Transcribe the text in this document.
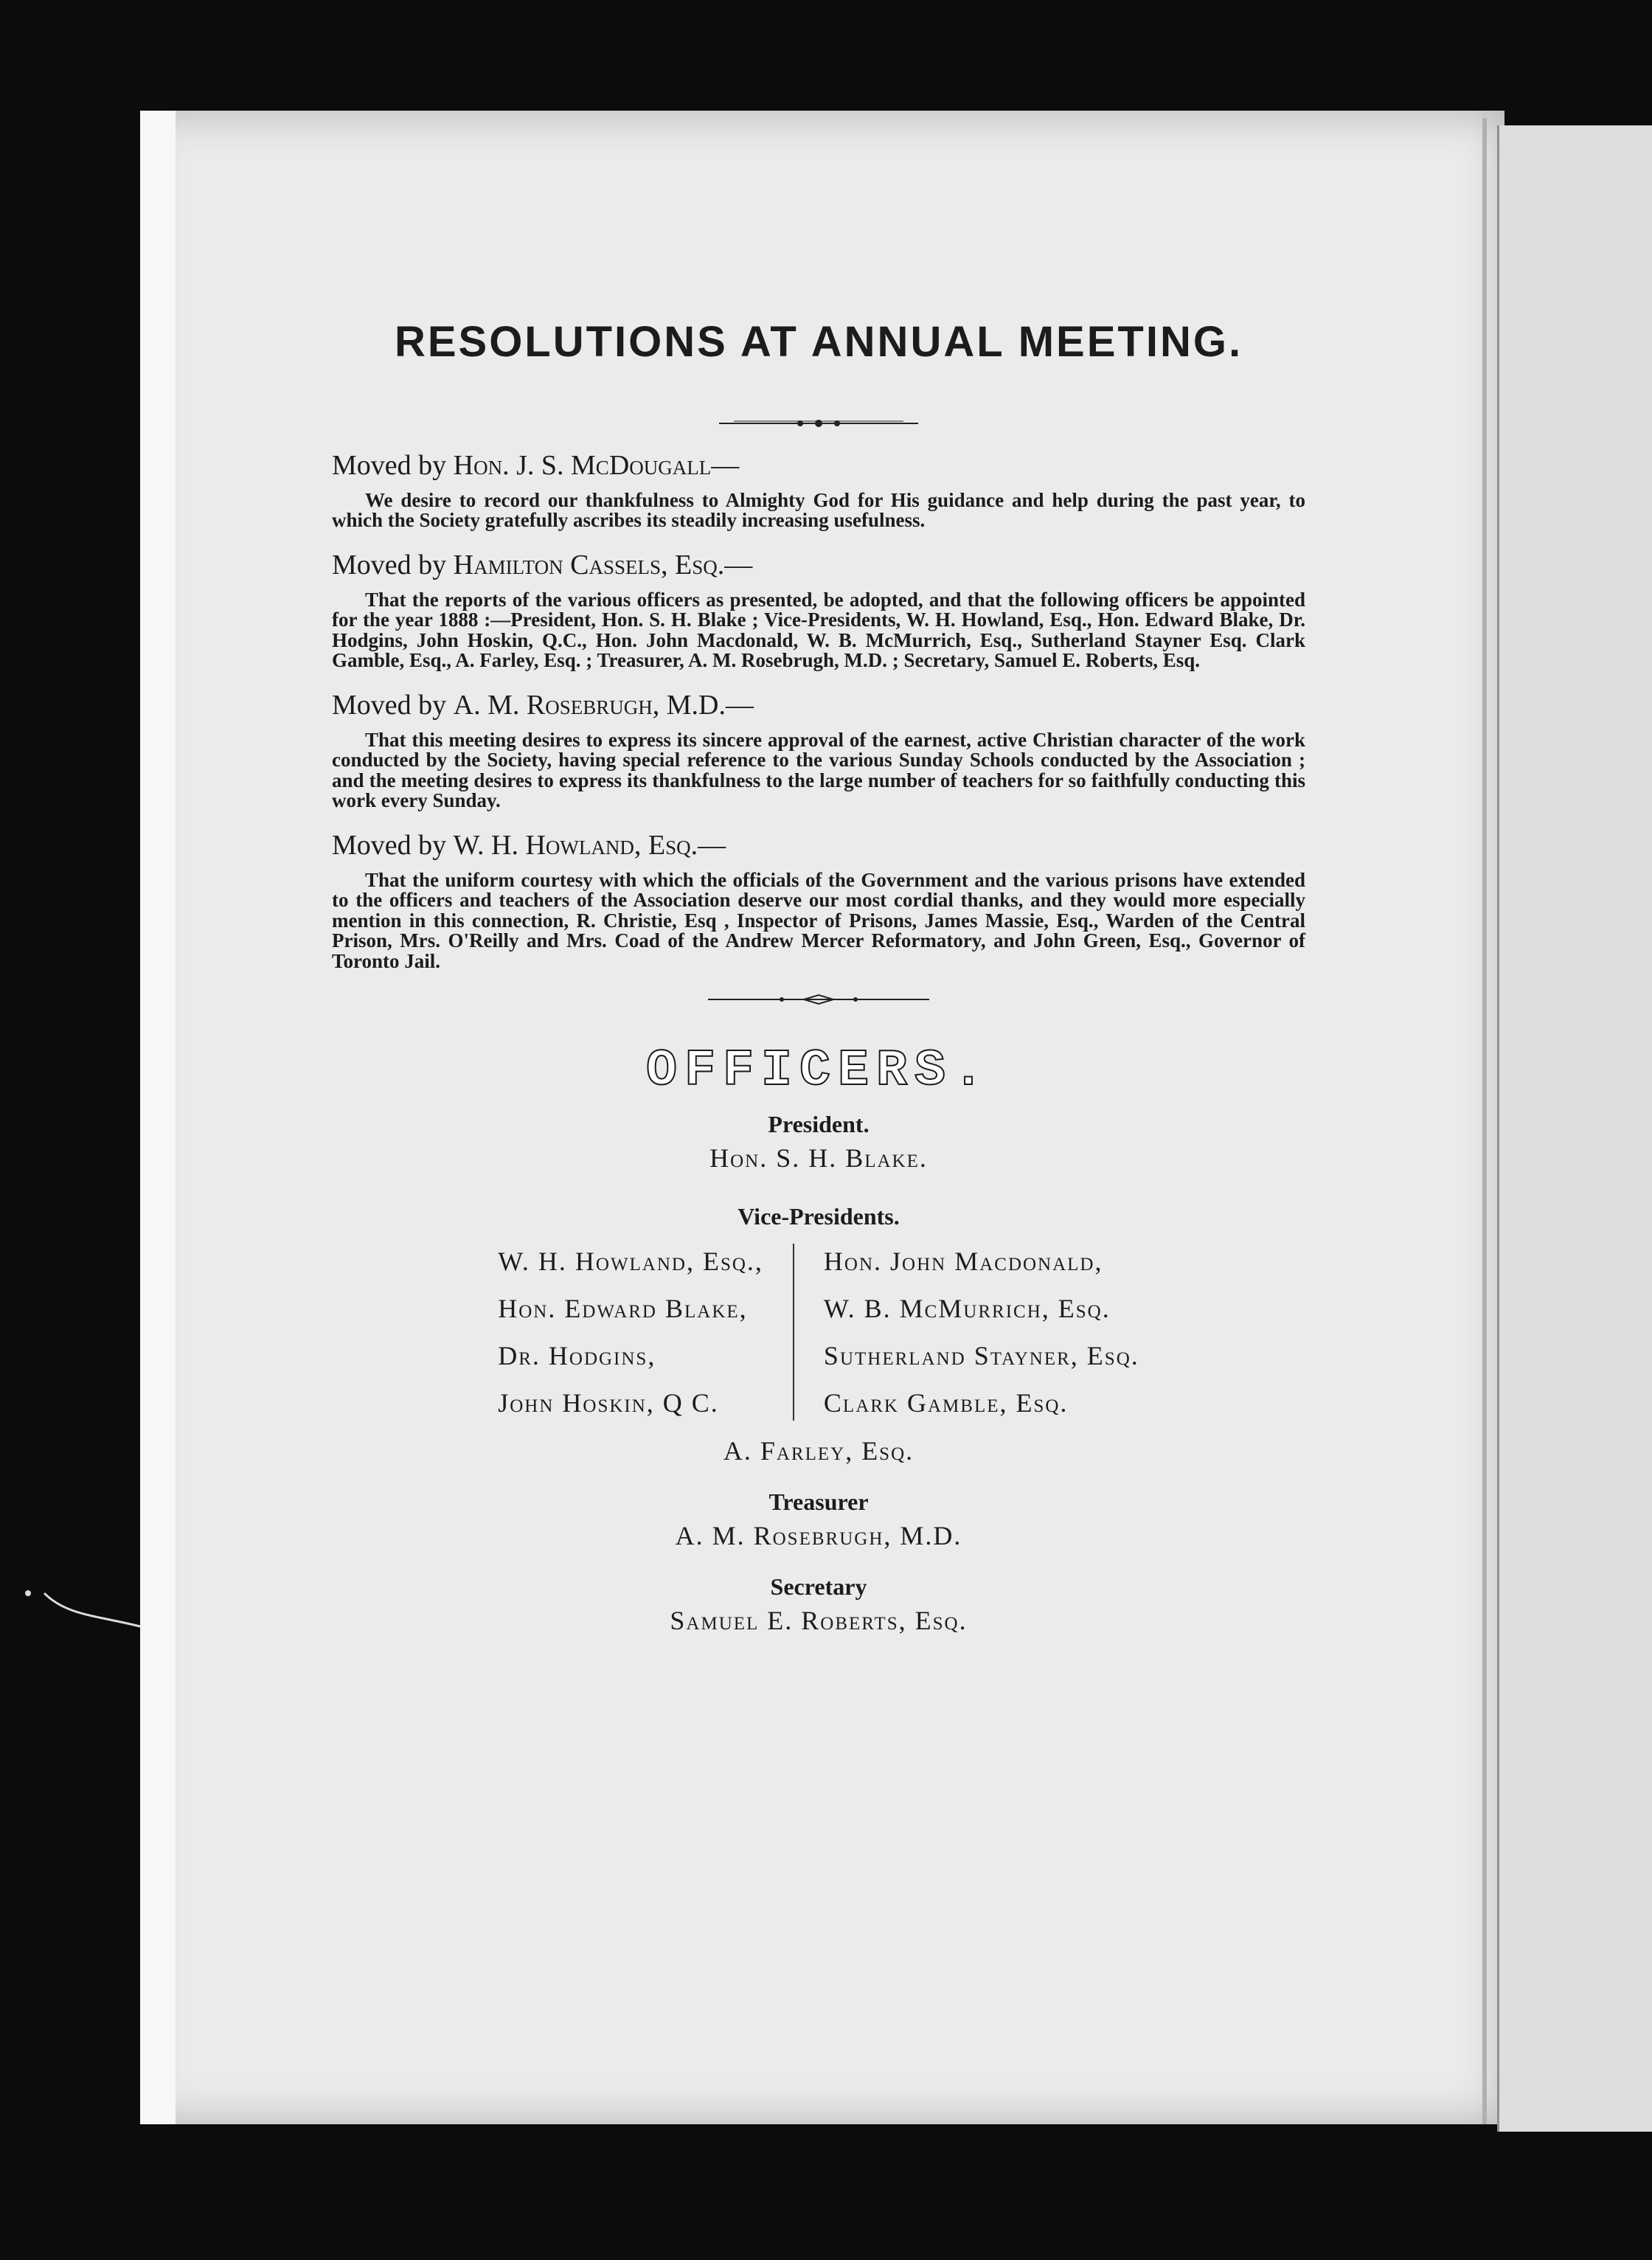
RESOLUTIONS AT ANNUAL MEETING.

Moved by Hon. J. S. McDougall—

We desire to record our thankfulness to Almighty God for His guidance and help during the past year, to which the Society gratefully ascribes its steadily increasing usefulness.

Moved by Hamilton Cassels, Esq.—

That the reports of the various officers as presented, be adopted, and that the following officers be appointed for the year 1888 :—President, Hon. S. H. Blake ; Vice-Presidents, W. H. Howland, Esq., Hon. Edward Blake, Dr. Hodgins, John Hoskin, Q.C., Hon. John Macdonald, W. B. McMurrich, Esq., Sutherland Stayner Esq. Clark Gamble, Esq., A. Farley, Esq. ; Treasurer, A. M. Rosebrugh, M.D. ; Secretary, Samuel E. Roberts, Esq.

Moved by A. M. Rosebrugh, M.D.—

That this meeting desires to express its sincere approval of the earnest, active Christian character of the work conducted by the Society, having special reference to the various Sunday Schools conducted by the Association ; and the meeting desires to express its thankfulness to the large number of teachers for so faithfully conducting this work every Sunday.

Moved by W. H. Howland, Esq.—

That the uniform courtesy with which the officials of the Government and the various prisons have extended to the officers and teachers of the Association deserve our most cordial thanks, and they would more especially mention in this connection, R. Christie, Esq , Inspector of Prisons, James Massie, Esq., Warden of the Central Prison, Mrs. O'Reilly and Mrs. Coad of the Andrew Mercer Reformatory, and John Green, Esq., Governor of Toronto Jail.

OFFICERS.
President.
Hon. S. H. Blake.
Vice-Presidents.
W. H. Howland, Esq.,
Hon. Edward Blake,
Dr. Hodgins,
John Hoskin, Q C.
Hon. John Macdonald,
W. B. McMurrich, Esq.
Sutherland Stayner, Esq.
Clark Gamble, Esq.
A. Farley, Esq.
Treasurer
A. M. Rosebrugh, M.D.
Secretary
Samuel E. Roberts, Esq.
